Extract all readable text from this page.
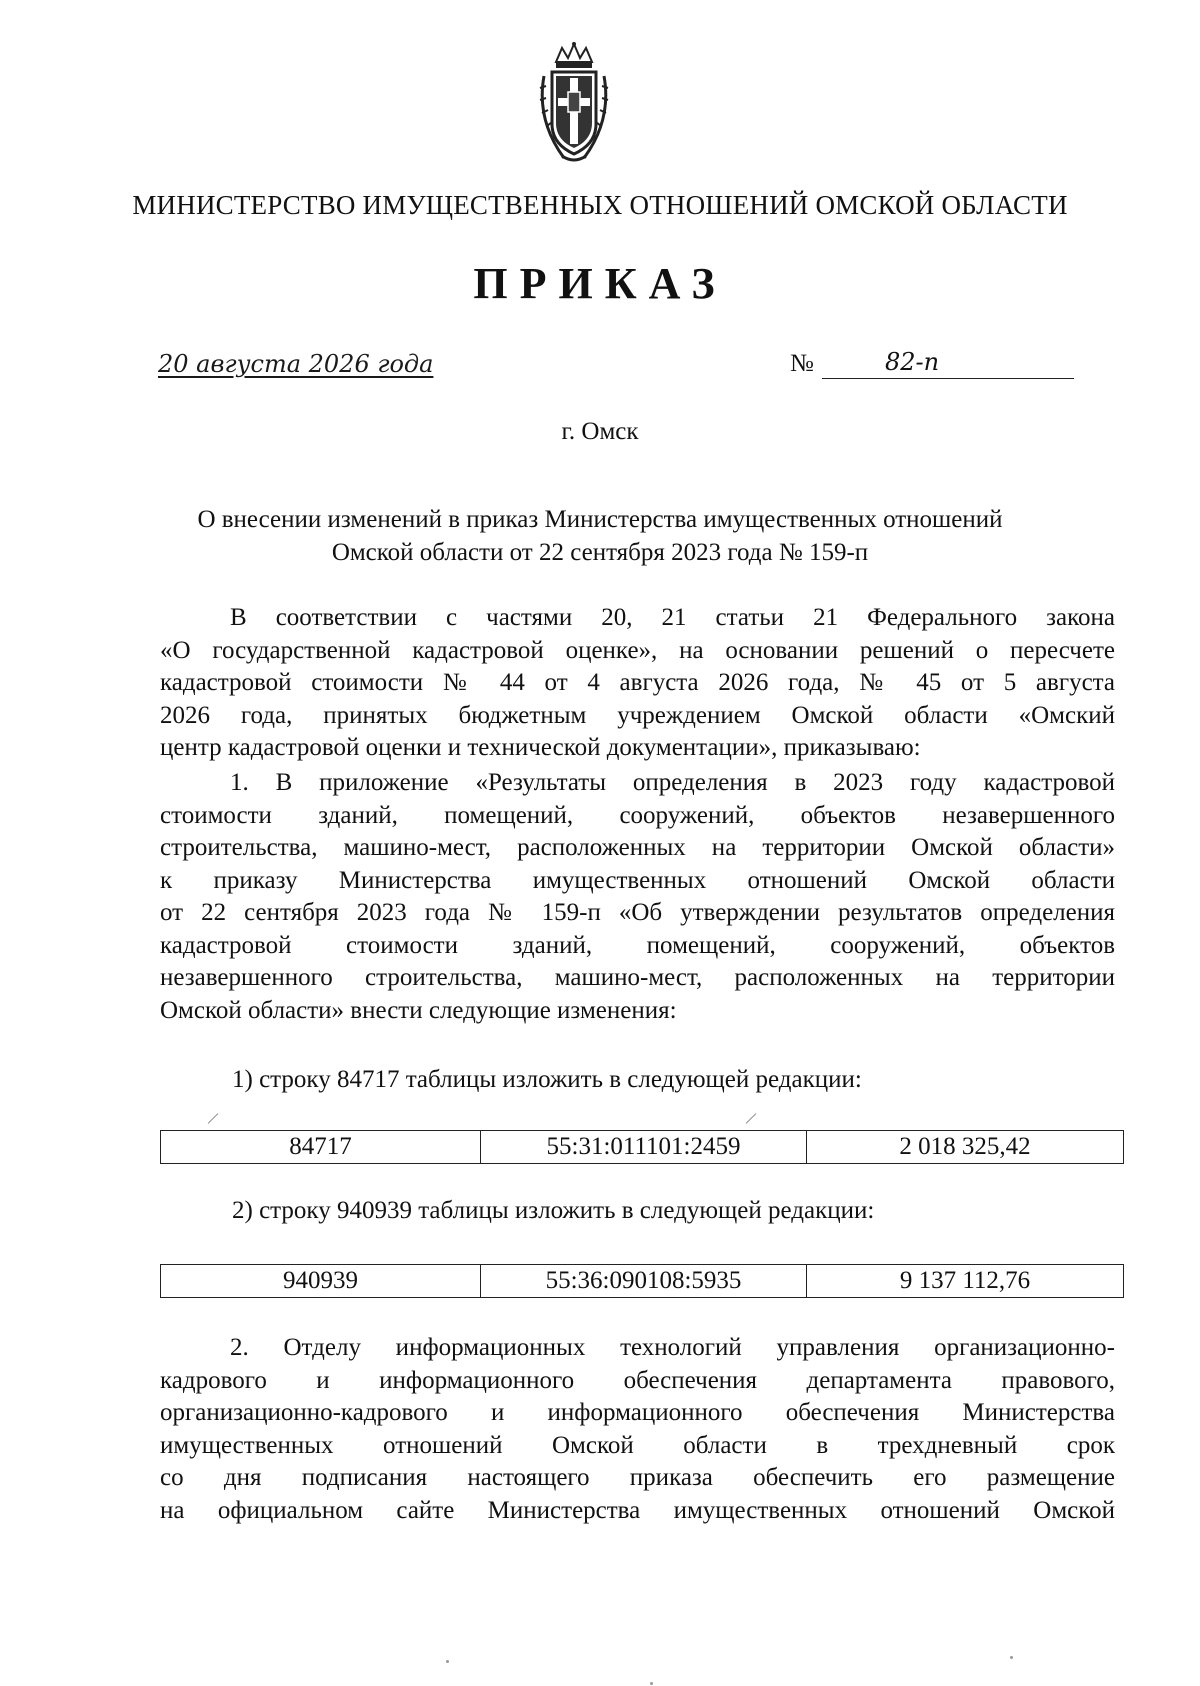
МИНИСТЕРСТВО ИМУЩЕСТВЕННЫХ ОТНОШЕНИЙ ОМСКОЙ ОБЛАСТИ
ПРИКАЗ
20 августа 2026 года	№	82-п
г. Омск
О внесении изменений в приказ Министерства имущественных отношений
Омской области от 22 сентября 2023 года № 159-п
В соответствии с частями 20, 21 статьи 21 Федерального закона
«О государственной кадастровой оценке», на основании решений о пересчете
кадастровой стоимости № 44 от 4 августа 2026 года, № 45 от 5 августа
2026 года, принятых бюджетным учреждением Омской области «Омский
центр кадастровой оценки и технической документации», приказываю:
1. В приложение «Результаты определения в 2023 году кадастровой
стоимости зданий, помещений, сооружений, объектов незавершенного
строительства, машино-мест, расположенных на территории Омской области»
к приказу Министерства имущественных отношений Омской области
от 22 сентября 2023 года № 159-п «Об утверждении результатов определения
кадастровой стоимости зданий, помещений, сооружений, объектов
незавершенного строительства, машино-мест, расположенных на территории
Омской области» внести следующие изменения:
1) строку 84717 таблицы изложить в следующей редакции:
84717	55:31:011101:2459	2 018 325,42
2) строку 940939 таблицы изложить в следующей редакции:
940939	55:36:090108:5935	9 137 112,76
2. Отделу информационных технологий управления организационно-
кадрового и информационного обеспечения департамента правового,
организационно-кадрового и информационного обеспечения Министерства
имущественных отношений Омской области в трехдневный срок
со дня подписания настоящего приказа обеспечить его размещение
на официальном сайте Министерства имущественных отношений Омской
